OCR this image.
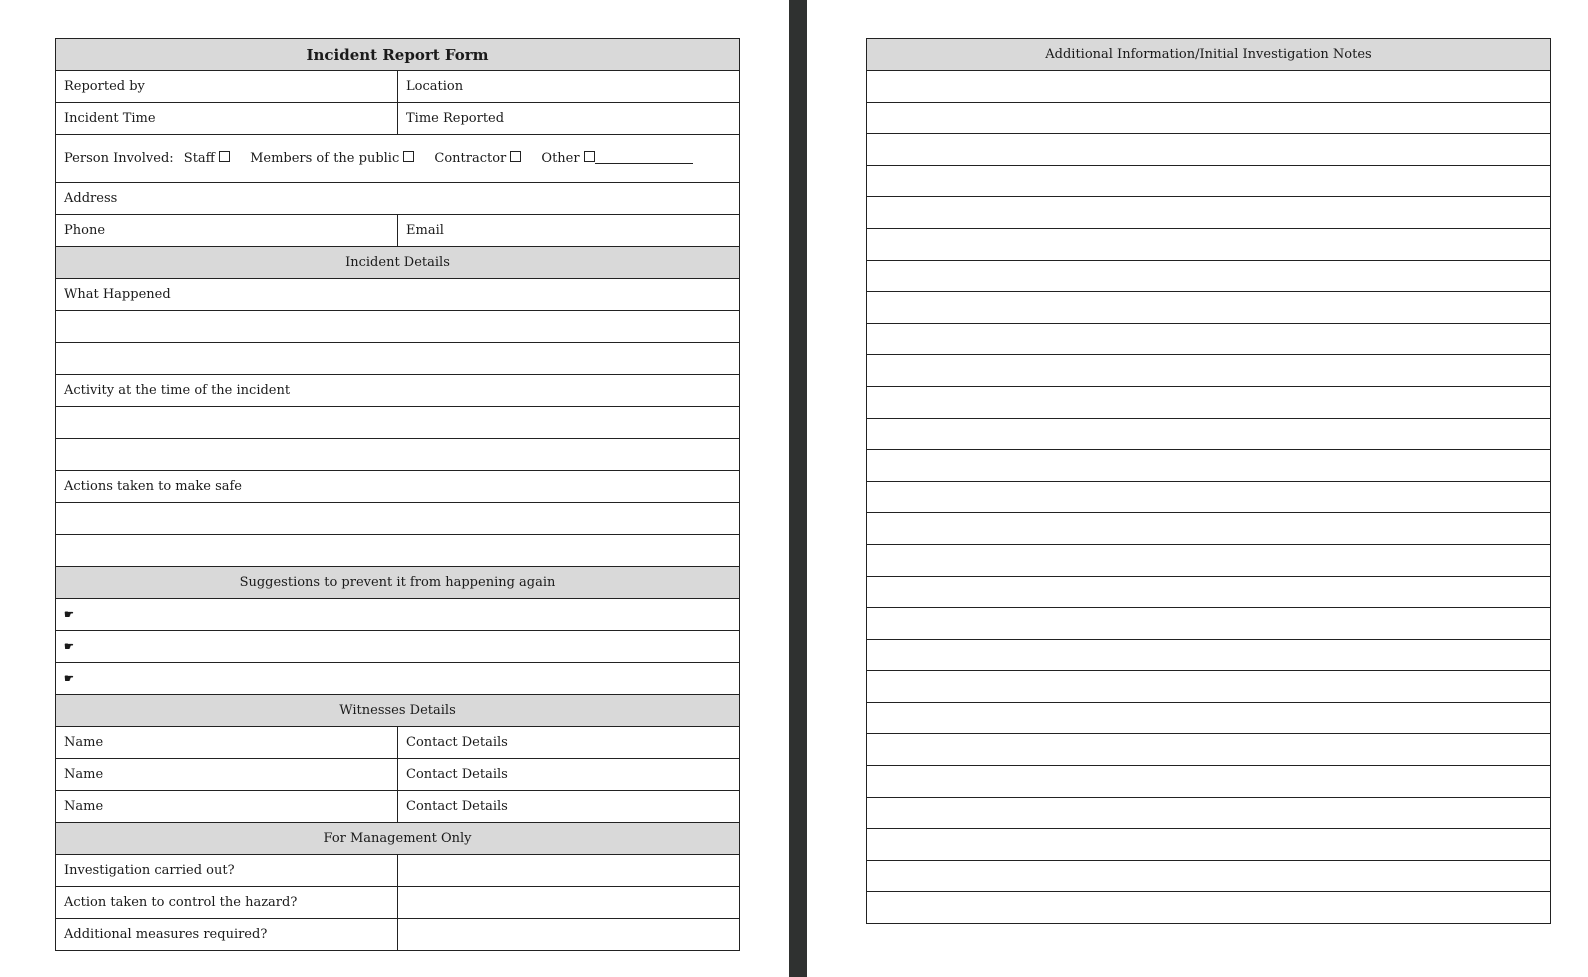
Incident Report Form	
Reported by	Location
Incident Time	Time Reported
Person Involved: Staff Members of the public Contractor Other	
Address	
Phone	Email
Incident Details	
What Happened	

Activity at the time of the incident	

Actions taken to make safe	

Suggestions to prevent it from happening again	
☛	
☛	
☛	
Witnesses Details	
Name	Contact Details
Name	Contact Details
Name	Contact Details
For Management Only	
Investigation carried out?	
Action taken to control the hazard?	
Additional measures required?	
Additional Information/Initial Investigation Notes
